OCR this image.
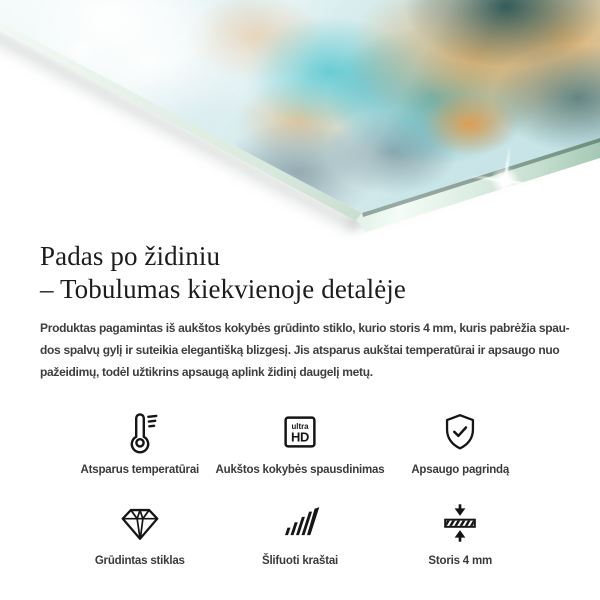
Padas po židiniu
– Tobulumas kiekvienoje detalėje

Produktas pagamintas iš aukštos kokybės grūdinto stiklo, kurio storis 4 mm, kuris pabrėžia spau-
dos spalvų gylį ir suteikia elegantišką blizgesį. Jis atsparus aukštai temperatūrai ir apsaugo nuo
pažeidimų, todėl užtikrins apsaugą aplink židinį daugelį metų.

Atsparus temperatūrai
ultra
HD
Aukštos kokybės spausdinimas Apsaugo pagrindą
Grūdintas stiklas	Šlifuoti kraštai	Storis 4 mm
